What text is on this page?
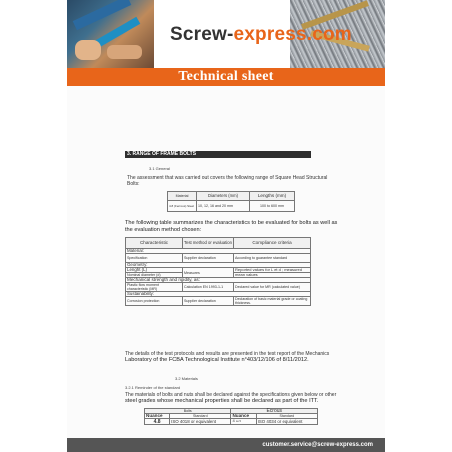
Screw-express.com
Technical sheet
3. RANGE OF FRAME BOLTS
3.1 General
The assessment that was carried out covers the following range of Square Head Structural
Bolts:
Material	Diameters (mm)	Lengths (mm)
4.8 (Ferrous) Steel	10, 12, 16 and 20 mm	100 to 600 mm
The following table summarizes the characteristics to be evaluated for bolts as well as
the evaluation method chosen:
Characteristic	Test method or evaluation	Compliance criteria
Material:		
Specification	Supplier declaration	According to guarantee standard
Geometry:		
Lenght (L)	Measures	Reported values for L et d ; measured
Nominal diameter (d)		mean values
Mechanical strength and rigidity, as:		
Plastic flow moment characteristic (MR)	Calculation EN 1993-1-1	Declared value for MR (calculated value)
Sustainability:		
Corrosion protection	Supplier declaration	Declaration of basic material grade or coating thickness.
The details of the test protocols and results are presented in the test report of the Mechanics
Laboratory of the FCBA Technological Institute n°403/12/106 of 8/11/2012.
3.2 Materials
3.2.1 Reminder of the standard
The materials of bolts and nuts shall be declared against the specifications given below or other
steel grades whose mechanical properties shall be declared as part of the ITT.
Bolts		Ecrous	
Nuance	Standard	Nuance	Standard
4.8	ISO 4018 or equivalent	4 ou 5	ISO 4034 or equivalent
customer.service@screw-express.com
